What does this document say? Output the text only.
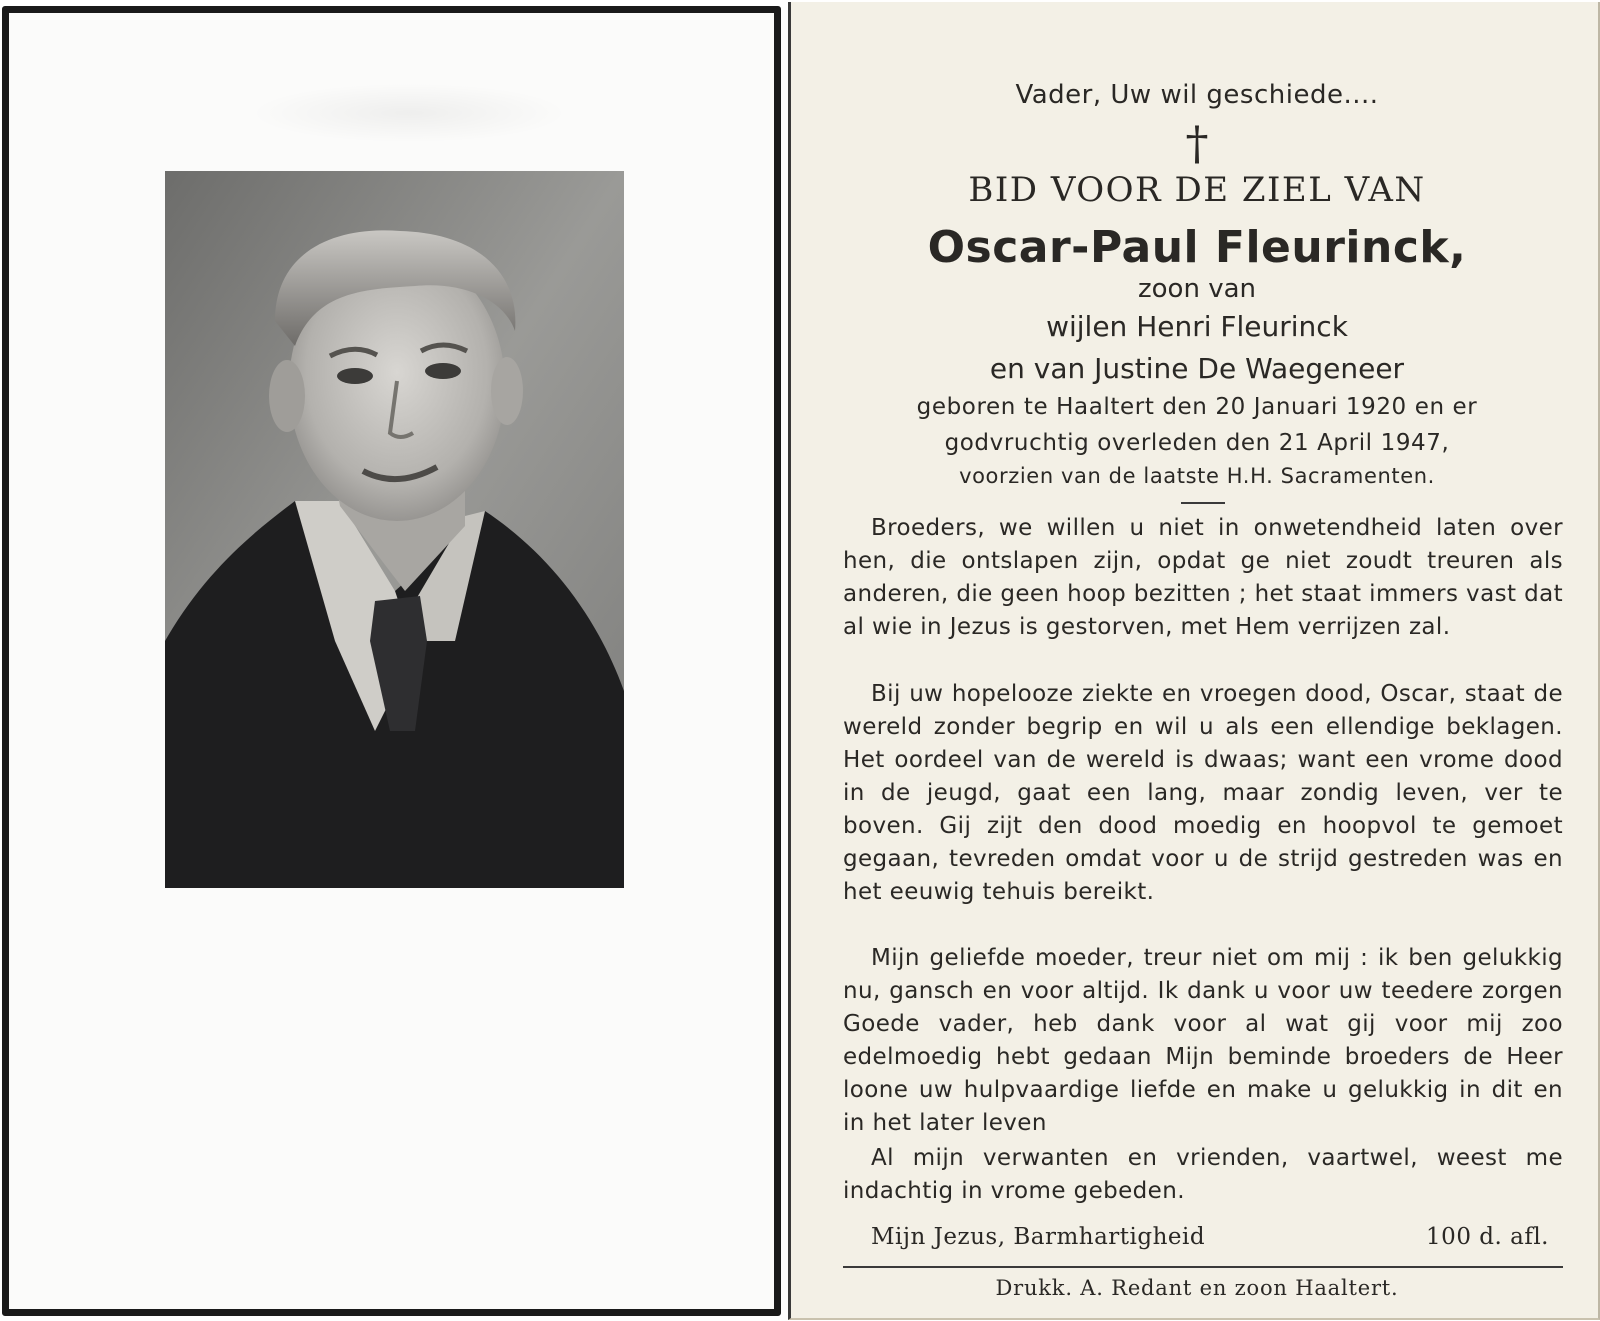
Vader, Uw wil geschiede....
†
BID VOOR DE ZIEL VAN
Oscar-Paul Fleurinck,
zoon van
wijlen Henri Fleurinck
en van Justine De Waegeneer
geboren te Haaltert den 20 Januari 1920 en er
godvruchtig overleden den 21 April 1947,
voorzien van de laatste H.H. Sacramenten.
Broeders, we willen u niet in onwetendheid laten over hen, die ontslapen zijn, opdat ge niet zoudt treuren als anderen, die geen hoop bezitten ; het staat immers vast dat al wie in Jezus is gestorven, met Hem verrijzen zal.
Bij uw hopelooze ziekte en vroegen dood, Oscar, staat de wereld zonder begrip en wil u als een ellendige beklagen. Het oordeel van de wereld is dwaas; want een vrome dood in de jeugd, gaat een lang, maar zondig leven, ver te boven. Gij zijt den dood moedig en hoopvol te gemoet gegaan, tevreden omdat voor u de strijd gestreden was en het eeuwig tehuis bereikt.
Mijn geliefde moeder, treur niet om mij : ik ben gelukkig nu, gansch en voor altijd. Ik dank u voor uw teedere zorgen Goede vader, heb dank voor al wat gij voor mij zoo edelmoedig hebt gedaan Mijn beminde broeders de Heer loone uw hulpvaardige liefde en make u gelukkig in dit en in het later leven
Al mijn verwanten en vrienden, vaartwel, weest me indachtig in vrome gebeden.
Mijn Jezus, Barmhartigheid	100 d. afl.
Drukk. A. Redant en zoon Haaltert.
